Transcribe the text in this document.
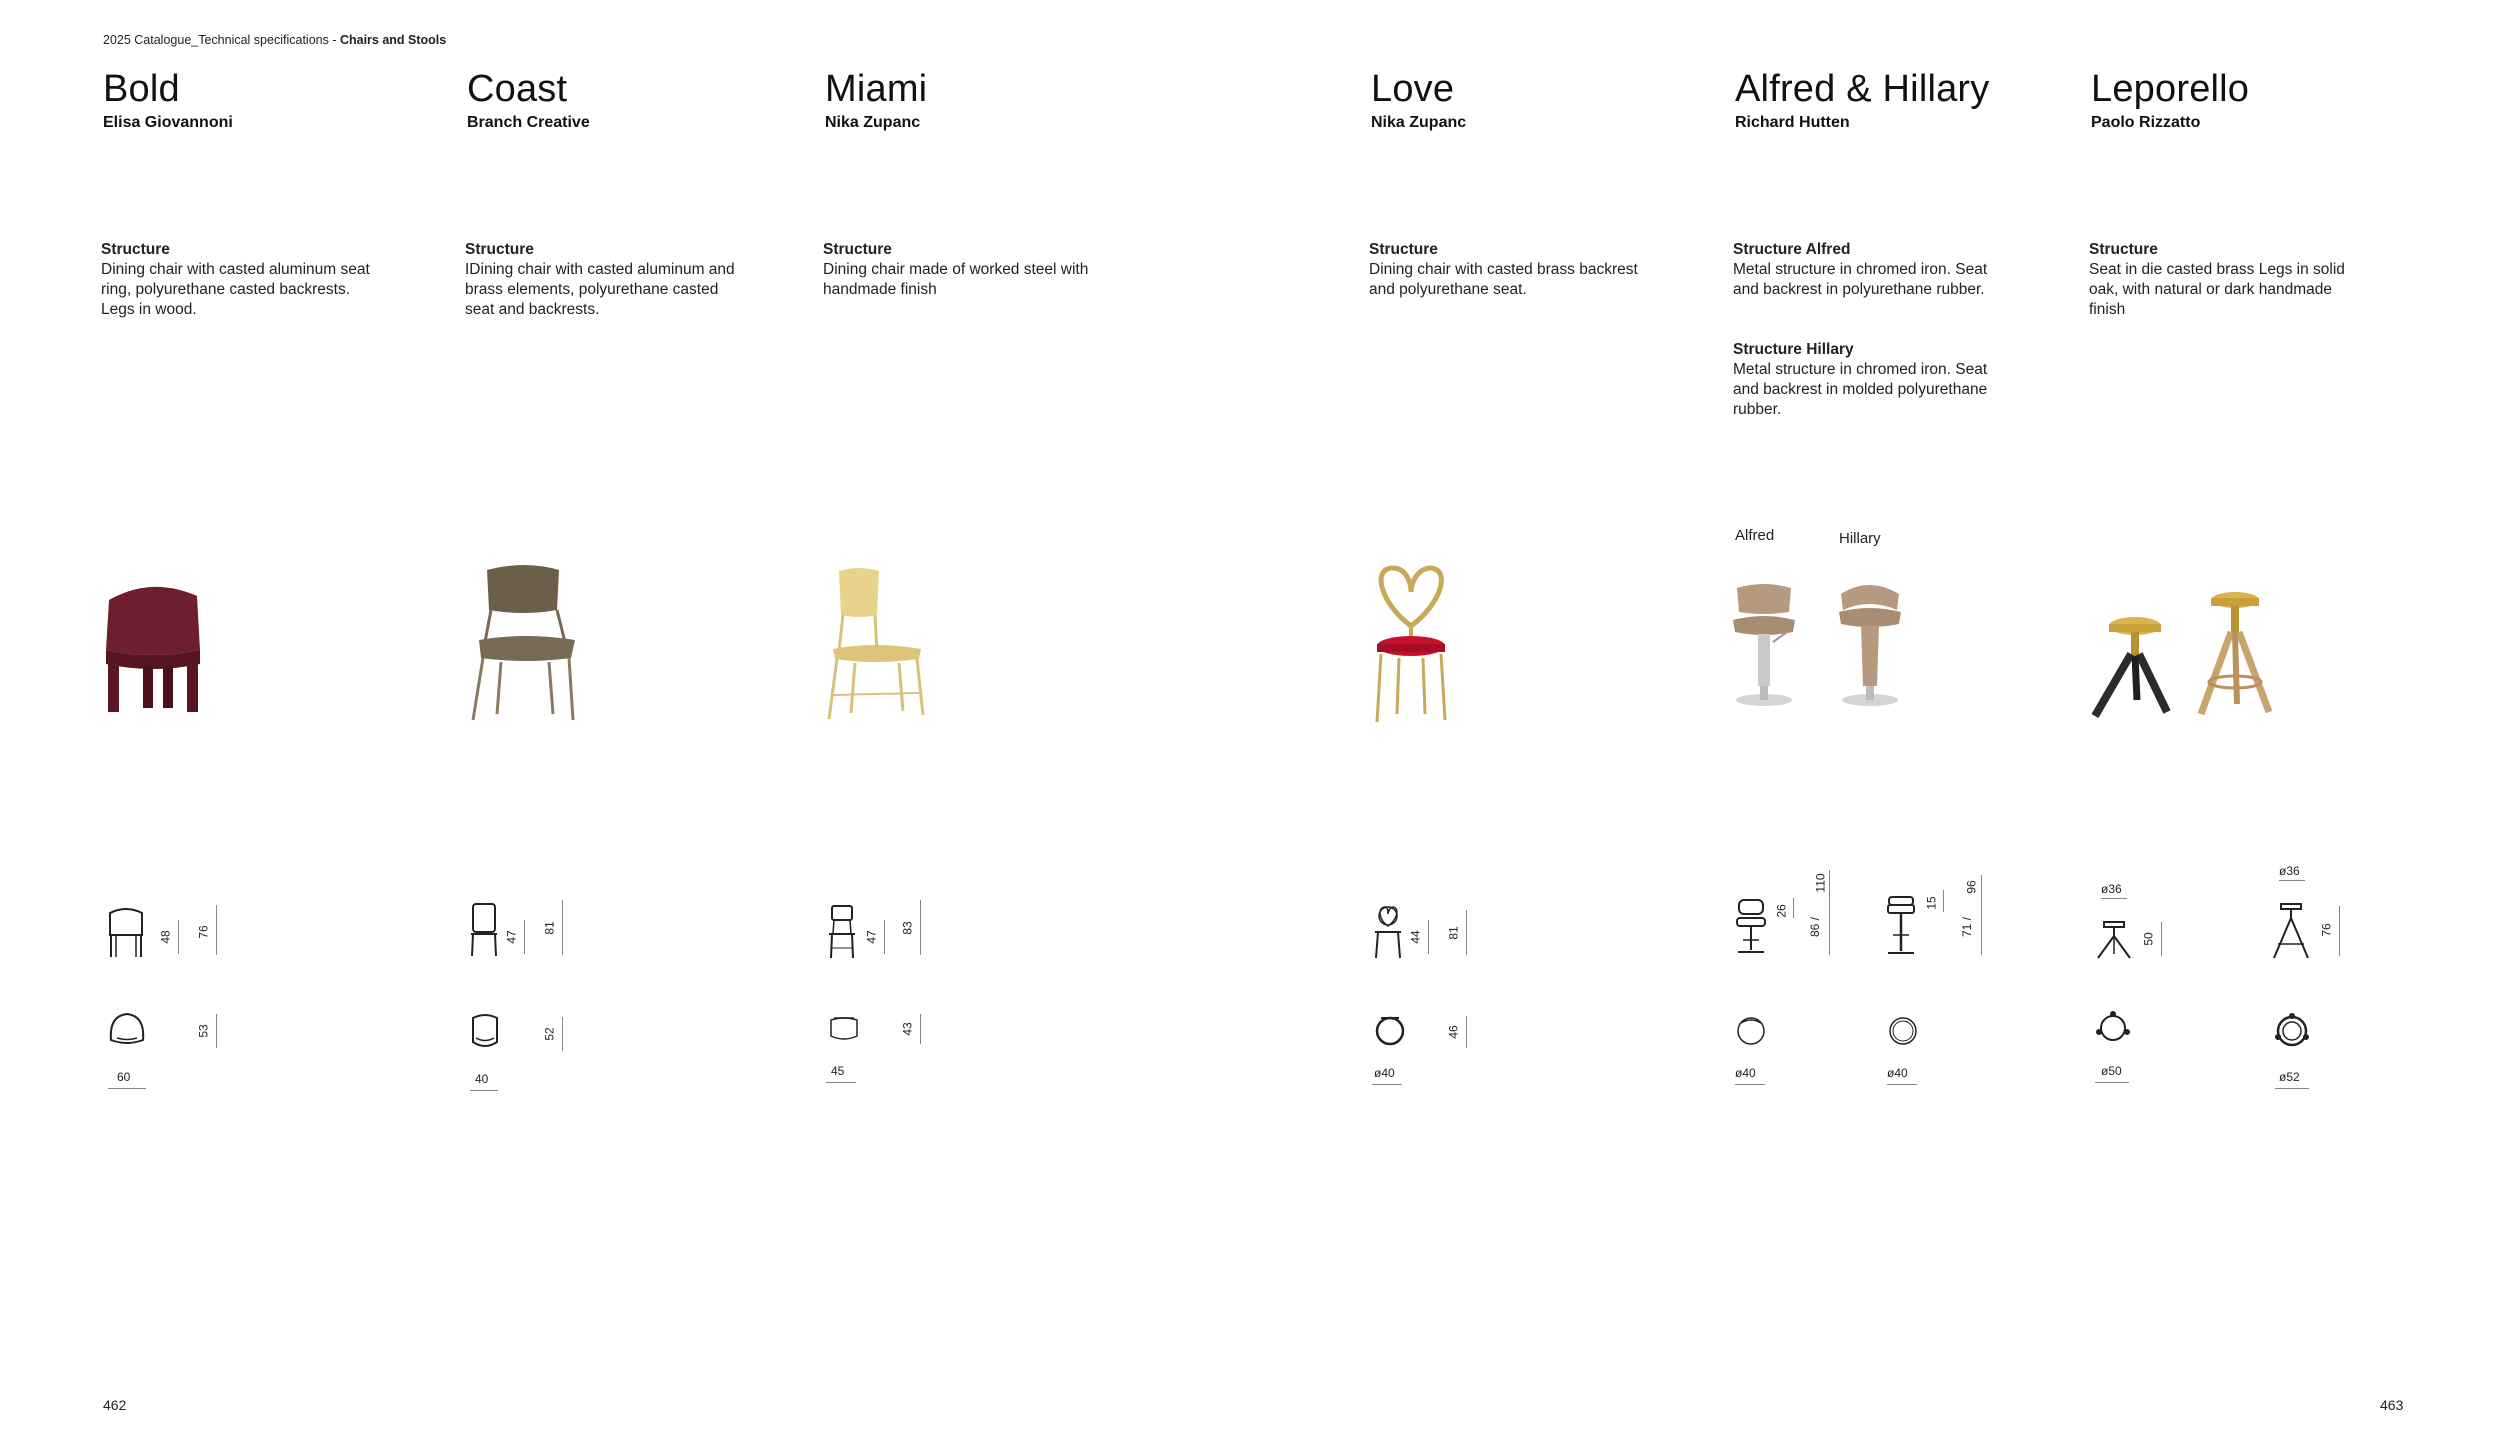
2025 Catalogue_Technical specifications - Chairs and Stools
Bold
Elisa Giovannoni
Structure
Dining chair with casted aluminum seat ring, polyurethane casted backrests. Legs in wood.
48 76
53
60
Coast
Branch Creative
Structure
IDining chair with casted aluminum and brass elements, polyurethane casted seat and backrests.
47
81
52
40
Miami
Nika Zupanc
Structure
Dining chair made of worked steel with handmade finish
47
83
43
45
Love
Nika Zupanc
Structure
Dining chair with casted brass backrest and polyurethane seat.
44 81
46
ø40
Alfred & Hillary
Richard Hutten
Structure Alfred
Metal structure in chromed iron. Seat and backrest in polyurethane rubber.
Structure Hillary
Metal structure in chromed iron. Seat and backrest in molded polyurethane rubber.
Alfred	Hillary
26
86 /
110
15
71 /
96
ø40	ø40
Leporello
Paolo Rizzatto
Structure
Seat in die casted brass Legs in solid oak, with natural or dark handmade finish
ø36
50
ø50
ø36
76
ø52
462	463
